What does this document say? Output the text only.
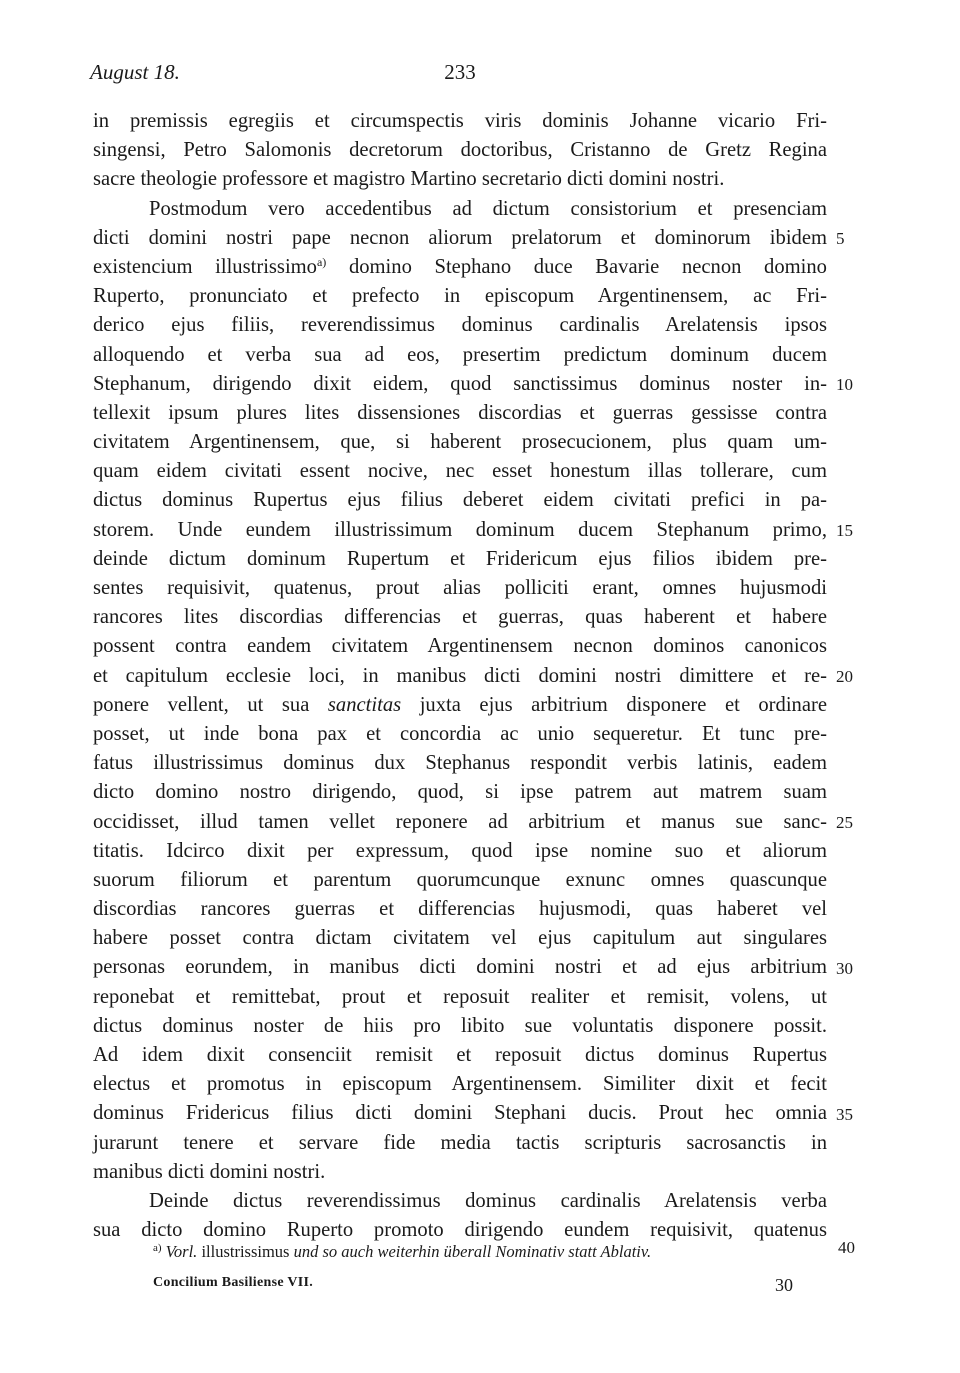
August 18.	233
in premissis egregiis et circumspectis viris dominis Johanne vicario Fri-
singensi, Petro Salomonis decretorum doctoribus, Cristanno de Gretz Regina
sacre theologie professore et magistro Martino secretario dicti domini nostri.
Postmodum vero accedentibus ad dictum consistorium et presenciam
dicti domini nostri pape necnon aliorum prelatorum et dominorum ibidem
existencium illustrissimo$^{a)}$ domino Stephano duce Bavarie necnon domino
Ruperto, pronunciato et prefecto in episcopum Argentinensem, ac Fri-
derico ejus filiis, reverendissimus dominus cardinalis Arelatensis ipsos
alloquendo et verba sua ad eos, presertim predictum dominum ducem
Stephanum, dirigendo dixit eidem, quod sanctissimus dominus noster in-
tellexit ipsum plures lites dissensiones discordias et guerras gessisse contra
civitatem Argentinensem, que, si haberent prosecucionem, plus quam um-
quam eidem civitati essent nocive, nec esset honestum illas tollerare, cum
dictus dominus Rupertus ejus filius deberet eidem civitati prefici in pa-
storem. Unde eundem illustrissimum dominum ducem Stephanum primo,
deinde dictum dominum Rupertum et Fridericum ejus filios ibidem pre-
sentes requisivit, quatenus, prout alias polliciti erant, omnes hujusmodi
rancores lites discordias differencias et guerras, quas haberent et habere
possent contra eandem civitatem Argentinensem necnon dominos canonicos
et capitulum ecclesie loci, in manibus dicti domini nostri dimittere et re-
ponere vellent, ut sua sanctitas juxta ejus arbitrium disponere et ordinare
posset, ut inde bona pax et concordia ac unio sequeretur. Et tunc pre-
fatus illustrissimus dominus dux Stephanus respondit verbis latinis, eadem
dicto domino nostro dirigendo, quod, si ipse patrem aut matrem suam
occidisset, illud tamen vellet reponere ad arbitrium et manus sue sanc-
titatis. Idcirco dixit per expressum, quod ipse nomine suo et aliorum
suorum filiorum et parentum quorumcunque exnunc omnes quascunque
discordias rancores guerras et differencias hujusmodi, quas haberet vel
habere posset contra dictam civitatem vel ejus capitulum aut singulares
personas eorundem, in manibus dicti domini nostri et ad ejus arbitrium
reponebat et remittebat, prout et reposuit realiter et remisit, volens, ut
dictus dominus noster de hiis pro libito sue voluntatis disponere possit.
Ad idem dixit consenciit remisit et reposuit dictus dominus Rupertus
electus et promotus in episcopum Argentinensem. Similiter dixit et fecit
dominus Fridericus filius dicti domini Stephani ducis. Prout hec omnia
jurarunt tenere et servare fide media tactis scripturis sacrosanctis in
manibus dicti domini nostri.
Deinde dictus reverendissimus dominus cardinalis Arelatensis verba
sua dicto domino Ruperto promoto dirigendo eundem requisivit, quatenus
5
10
15
20
25
30
35
$^{a)}$ Vorl. illustrissimus und so auch weiterhin überall Nominativ statt Ablativ.	40
Concilium Basiliense VII.	30
